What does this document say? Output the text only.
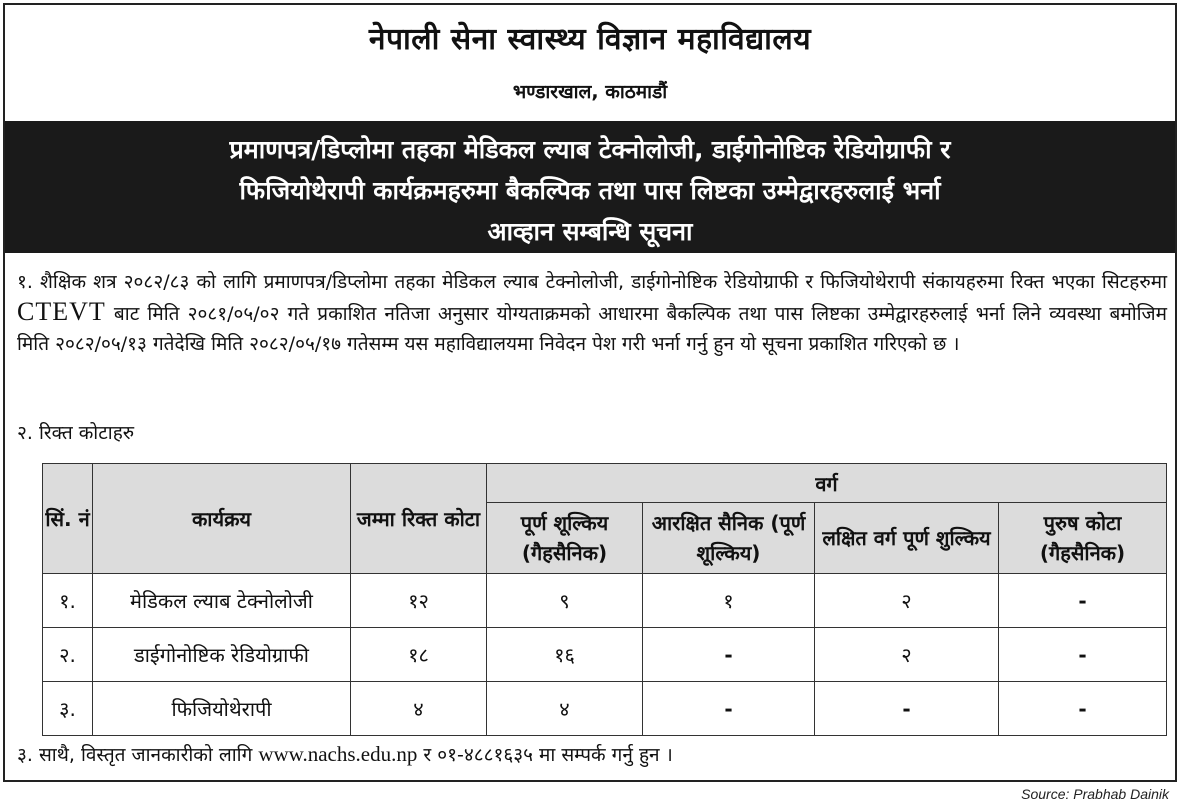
नेपाली सेना स्वास्थ्य विज्ञान महाविद्यालय
भण्डारखाल, काठमाडौं
प्रमाणपत्र/डिप्लोमा तहका मेडिकल ल्याब टेक्नोलोजी, डाईगोनोष्टिक रेडियोग्राफी र
फिजियोथेरापी कार्यक्रमहरुमा बैकल्पिक तथा पास लिष्टका उम्मेद्वारहरुलाई भर्ना
आव्हान सम्बन्धि सूचना
१. शैक्षिक शत्र २०८२/८३ को लागि प्रमाणपत्र/डिप्लोमा तहका मेडिकल ल्याब टेक्नोलोजी, डाईगोनोष्टिक रेडियोग्राफी र फिजियोथेरापी संकायहरुमा रिक्त भएका सिटहरुमा CTEVT बाट मिति २०८१/०५/०२ गते प्रकाशित नतिजा अनुसार योग्यताक्रमको आधारमा बैकल्पिक तथा पास लिष्टका उम्मेद्वारहरुलाई भर्ना लिने व्यवस्था बमोजिम मिति २०८२/०५/१३ गतेदेखि मिति २०८२/०५/१७ गतेसम्म यस महाविद्यालयमा निवेदन पेश गरी भर्ना गर्नु हुन यो सूचना प्रकाशित गरिएको छ ।
२. रिक्त कोटाहरु
सिं. नं	कार्यक्रय	जम्मा रिक्त कोटा	वर्ग			
			पूर्ण शूल्किय (गैहसैनिक)	आरक्षित सैनिक (पूर्ण शूल्किय)	लक्षित वर्ग पूर्ण शुल्किय	पुरुष कोटा (गैहसैनिक)
१.	मेडिकल ल्याब टेक्नोलोजी	१२	९	१	२	-
२.	डाईगोनोष्टिक रेडियोग्राफी	१८	१६	-	२	-
३.	फिजियोथेरापी	४	४	-	-	-
३. साथै, विस्तृत जानकारीको लागि www.nachs.edu.np र ०१-४८८१६३५ मा सम्पर्क गर्नु हुन ।
Source: Prabhab Dainik
